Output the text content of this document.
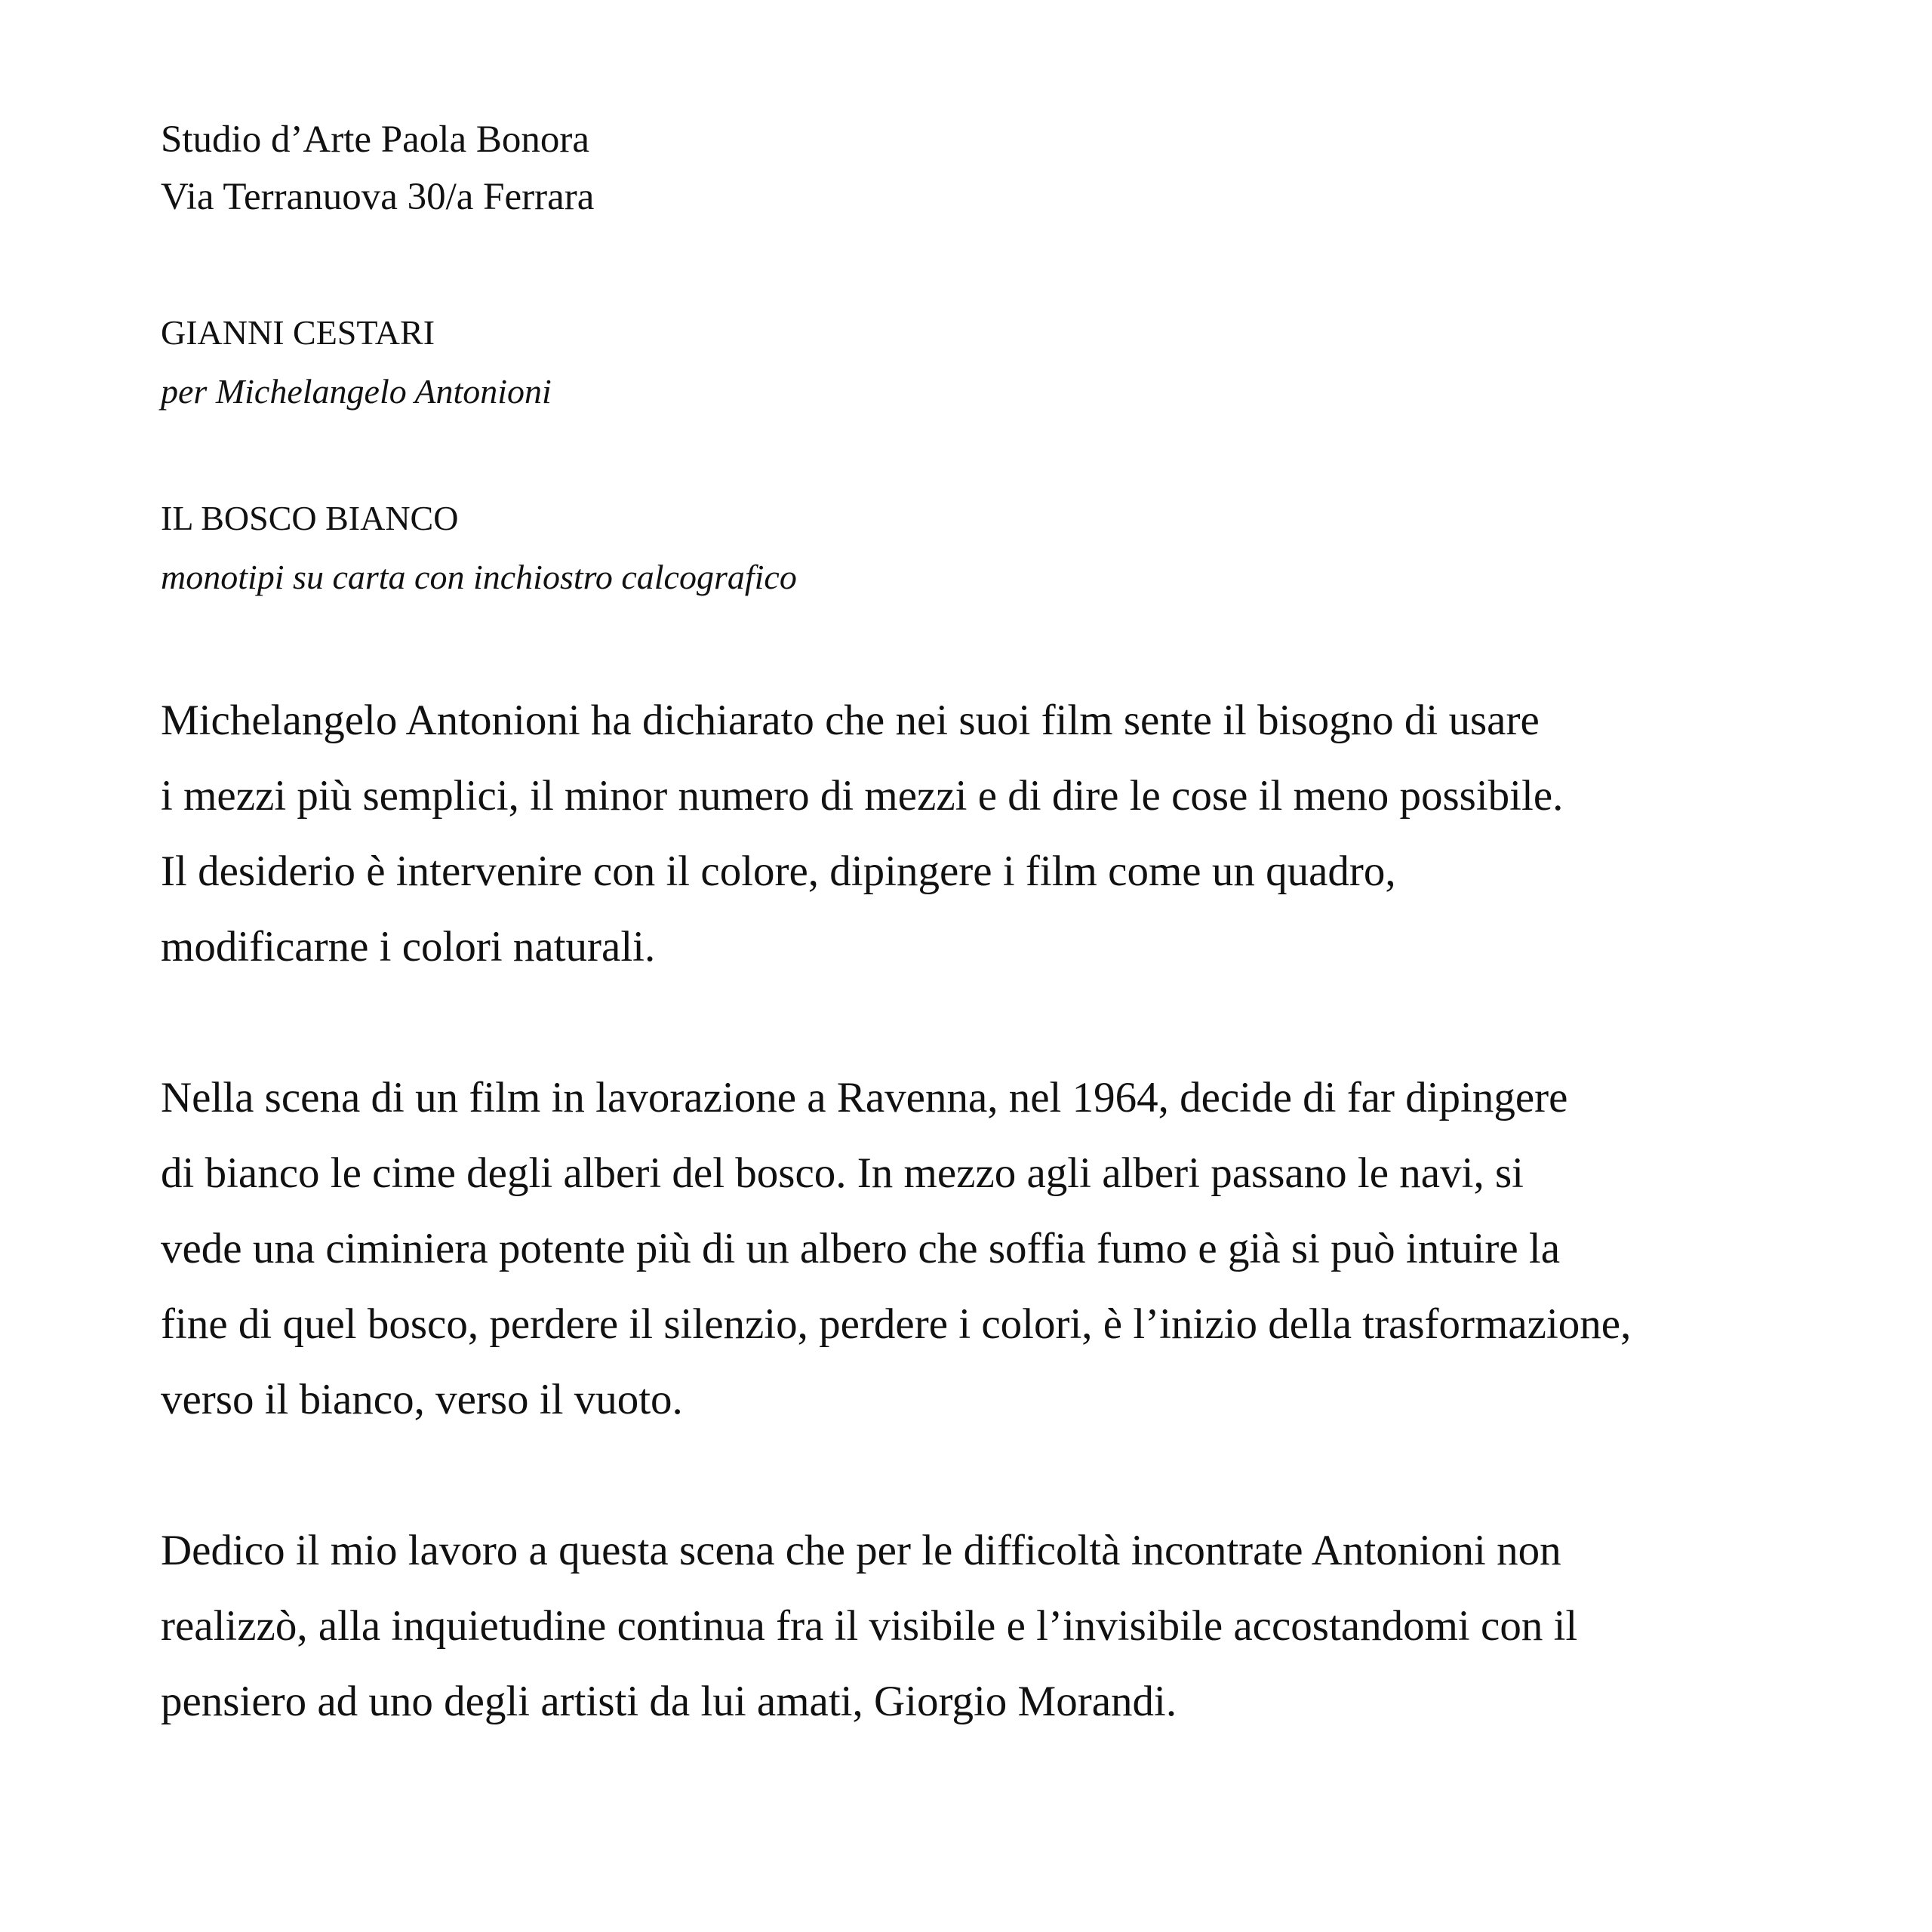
Studio d’Arte Paola Bonora
Via Terranuova 30/a Ferrara
GIANNI CESTARI
per Michelangelo Antonioni
IL BOSCO BIANCO
monotipi su carta con inchiostro calcografico
Michelangelo Antonioni ha dichiarato che nei suoi film sente il bisogno di usare
i mezzi più semplici, il minor numero di mezzi e di dire le cose il meno possibile.
Il desiderio è intervenire con il colore, dipingere i film come un quadro,
modificarne i colori naturali.
Nella scena di un film in lavorazione a Ravenna, nel 1964, decide di far dipingere
di bianco le cime degli alberi del bosco. In mezzo agli alberi passano le navi, si
vede una ciminiera potente più di un albero che soffia fumo e già si può intuire la
fine di quel bosco, perdere il silenzio, perdere i colori, è l’inizio della trasformazione,
verso il bianco, verso il vuoto.
Dedico il mio lavoro a questa scena che per le difficoltà incontrate Antonioni non
realizzò, alla inquietudine continua fra il visibile e l’invisibile accostandomi con il
pensiero ad uno degli artisti da lui amati, Giorgio Morandi.
